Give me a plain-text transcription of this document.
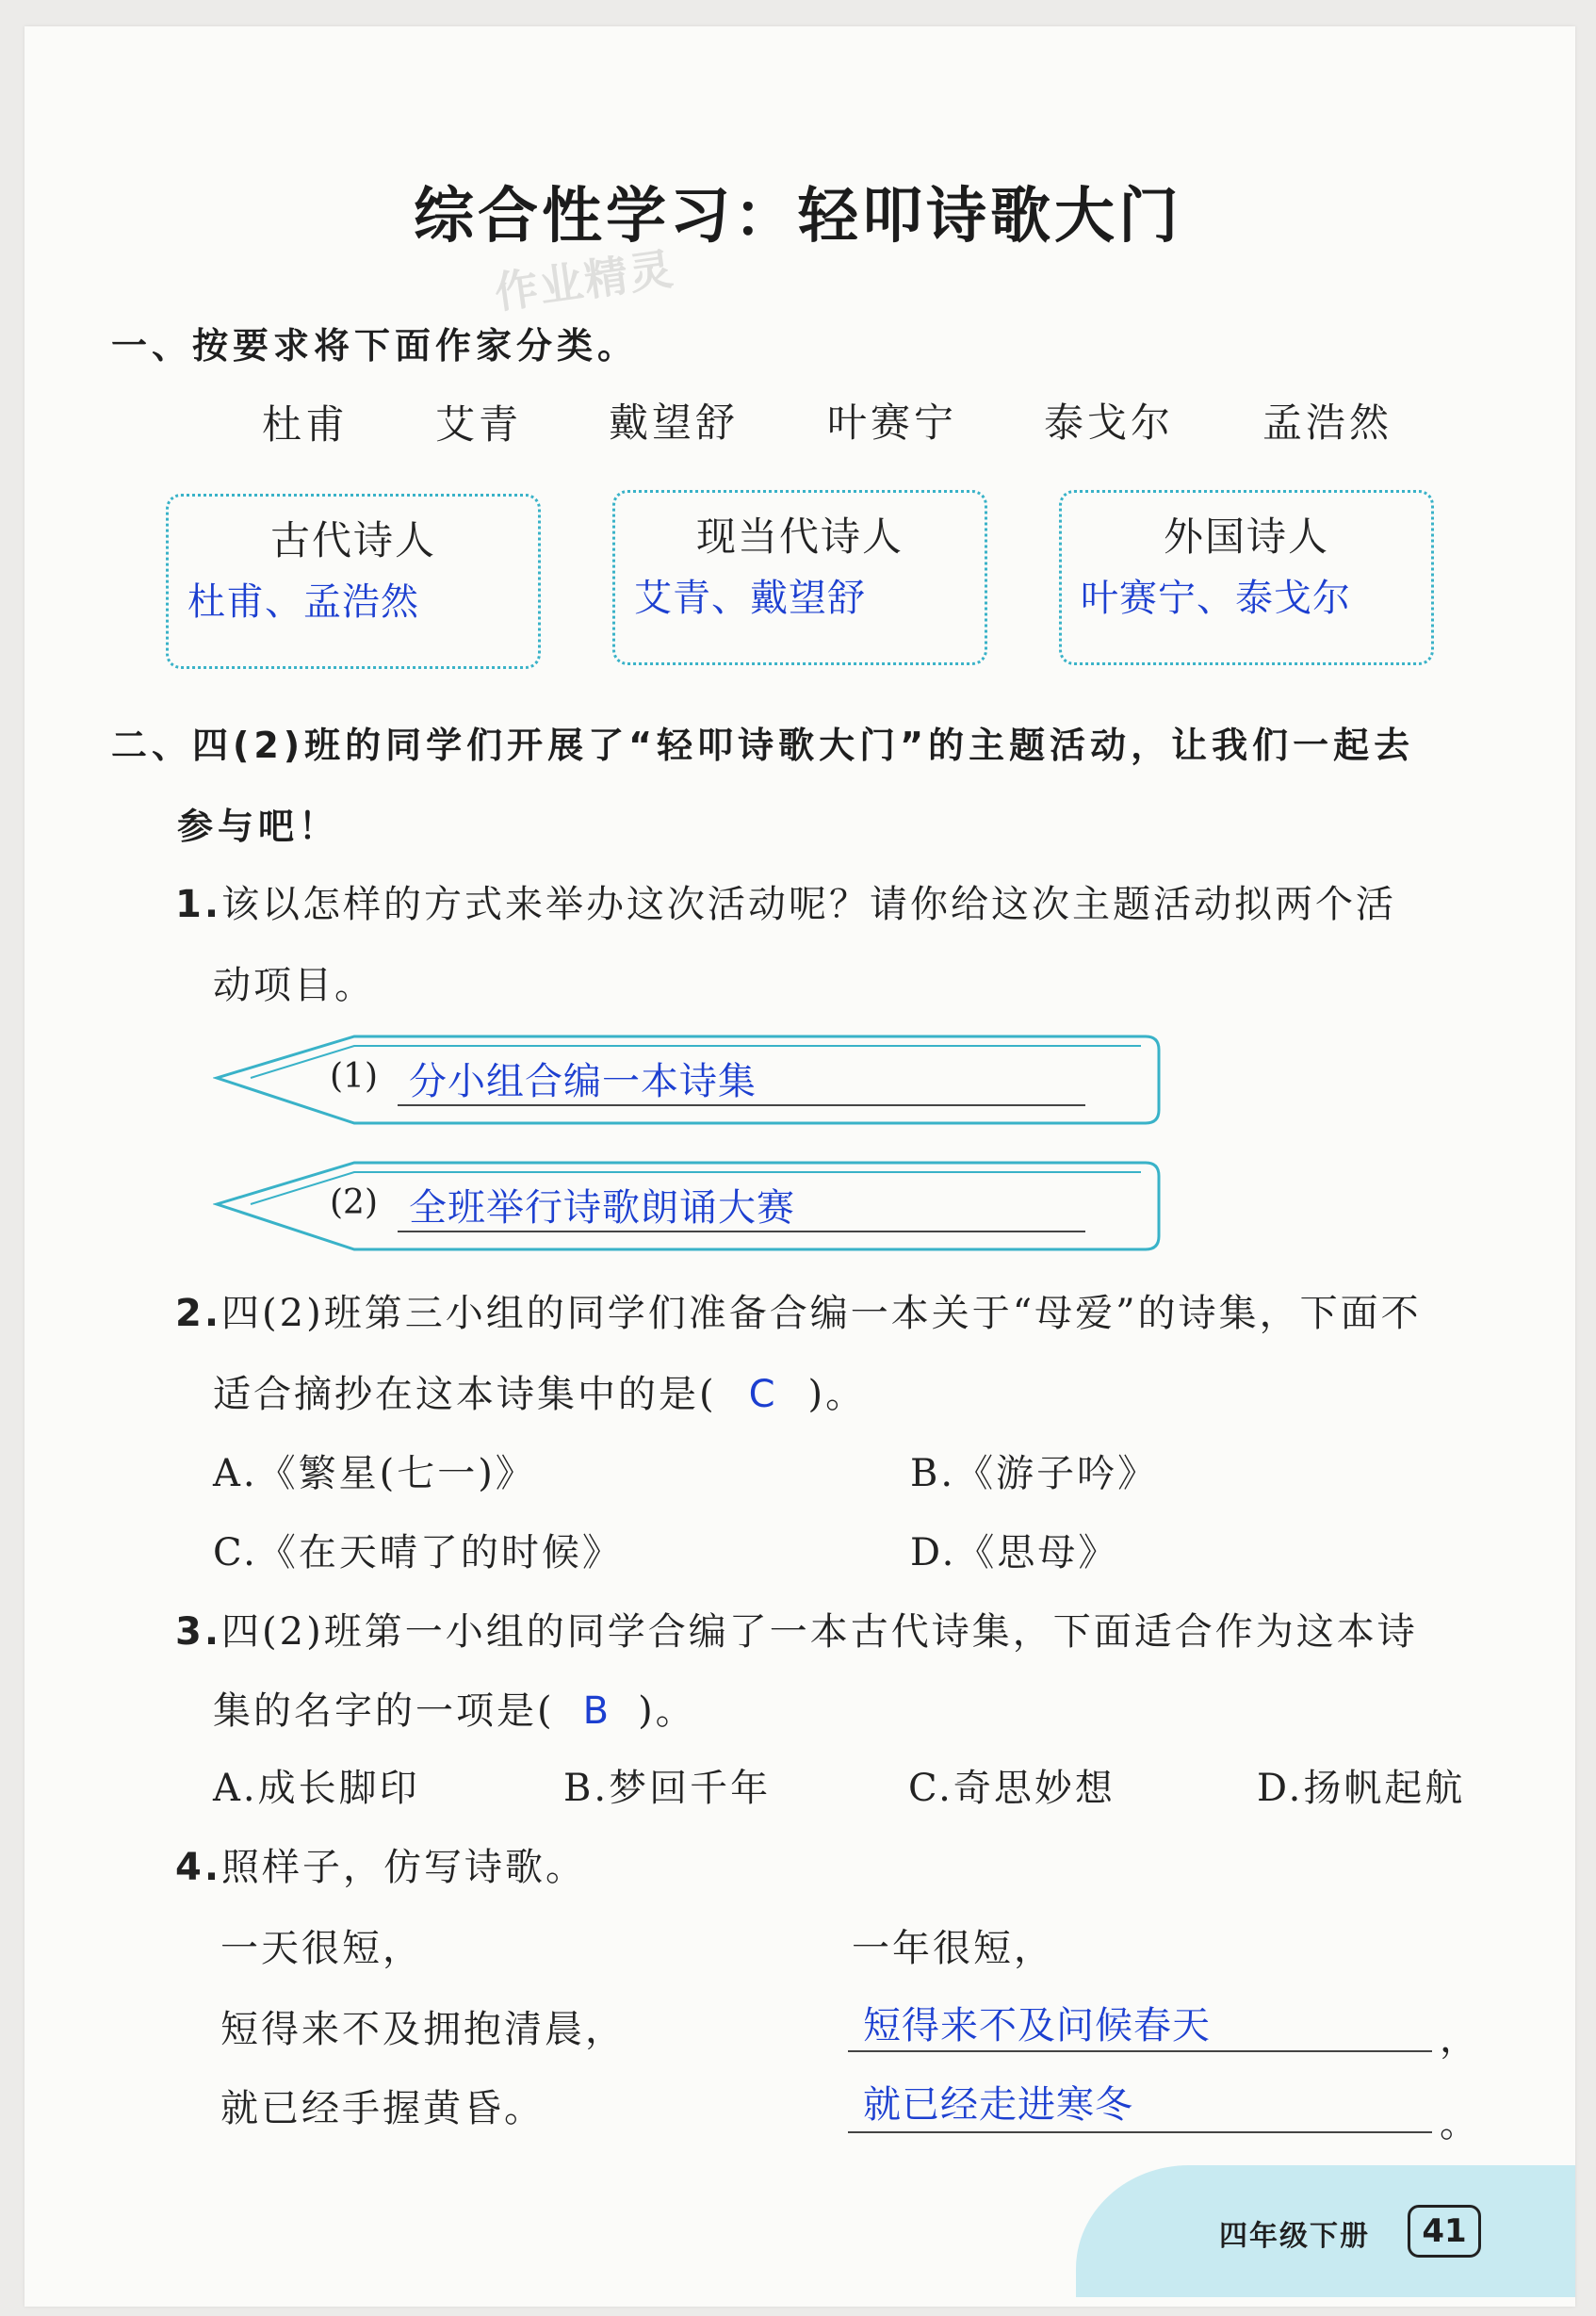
综合性学习：轻叩诗歌大门
作业精灵
一、按要求将下面作家分类。
杜甫 艾青 戴望舒 叶赛宁 泰戈尔 孟浩然
古代诗人
杜甫、孟浩然
现当代诗人
艾青、戴望舒
外国诗人
叶赛宁、泰戈尔
二、四(2)班的同学们开展了“轻叩诗歌大门”的主题活动，让我们一起去
参与吧！
1.该以怎样的方式来举办这次活动呢？请你给这次主题活动拟两个活
动项目。
(1) 分小组合编一本诗集
(2) 全班举行诗歌朗诵大赛
2.四(2)班第三小组的同学们准备合编一本关于“母爱”的诗集，下面不
适合摘抄在这本诗集中的是( C )。
A.《繁星(七一)》	B.《游子吟》
C.《在天晴了的时候》	D.《思母》
3.四(2)班第一小组的同学合编了一本古代诗集，下面适合作为这本诗
集的名字的一项是( B )。
A.成长脚印	B.梦回千年	C.奇思妙想	D.扬帆起航
4.照样子，仿写诗歌。
一天很短，
短得来不及拥抱清晨，
就已经手握黄昏。
一年很短，
短得来不及问候春天	，
就已经走进寒冬	。
四年级下册	41
